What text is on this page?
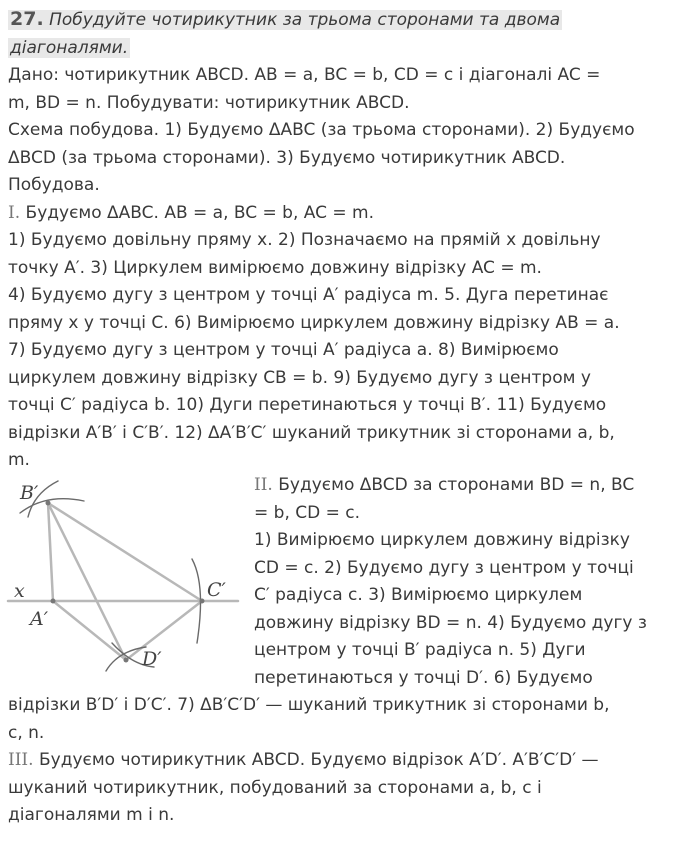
27. Побудуйте чотирикутник за трьома сторонами та двома
діагоналями.

Дано: чотирикутник ABCD. AB = a, BC = b, CD = c і діагоналі AC =
m, BD = n. Побудувати: чотирикутник ABCD.

Схема побудова. 1) Будуємо ΔABC (за трьома сторонами). 2) Будуємо
ΔBCD (за трьома сторонами). 3) Будуємо чотирикутник ABCD.
Побудова.

I. Будуємо ΔABC. AB = a, BC = b, AC = m.
1) Будуємо довільну пряму x. 2) Позначаємо на прямій x довільну
точку A′. 3) Циркулем вимірюємо довжину відрізку AC = m.
4) Будуємо дугу з центром у точці A′ радіуса m. 5. Дуга перетинає
пряму x у точці C. 6) Вимірюємо циркулем довжину відрізку AB = a.
7) Будуємо дугу з центром у точці A′ радіуса a. 8) Вимірюємо
циркулем довжину відрізку CB = b. 9) Будуємо дугу з центром у
точці C′ радіуса b. 10) Дуги перетинаються у точці B′. 11) Будуємо
відрізки A′B′ і C′B′. 12) ΔA′B′C′ шуканий трикутник зі сторонами a, b,
m.

B′
x	C′
A′
D′

II. Будуємо ΔBCD за сторонами BD = n, BC
= b, CD = c.
1) Вимірюємо циркулем довжину відрізку
CD = c. 2) Будуємо дугу з центром у точці
C′ радіуса c. 3) Вимірюємо циркулем
довжину відрізку BD = n. 4) Будуємо дугу з
центром у точці B′ радіуса n. 5) Дуги
перетинаються у точці D′. 6) Будуємо

відрізки B′D′ і D′C′. 7) ΔB′C′D′ — шуканий трикутник зі сторонами b,
c, n.

III. Будуємо чотирикутник ABCD. Будуємо відрізок A′D′. A′B′C′D′ —
шуканий чотирикутник, побудований за сторонами a, b, c і
діагоналями m і n.
